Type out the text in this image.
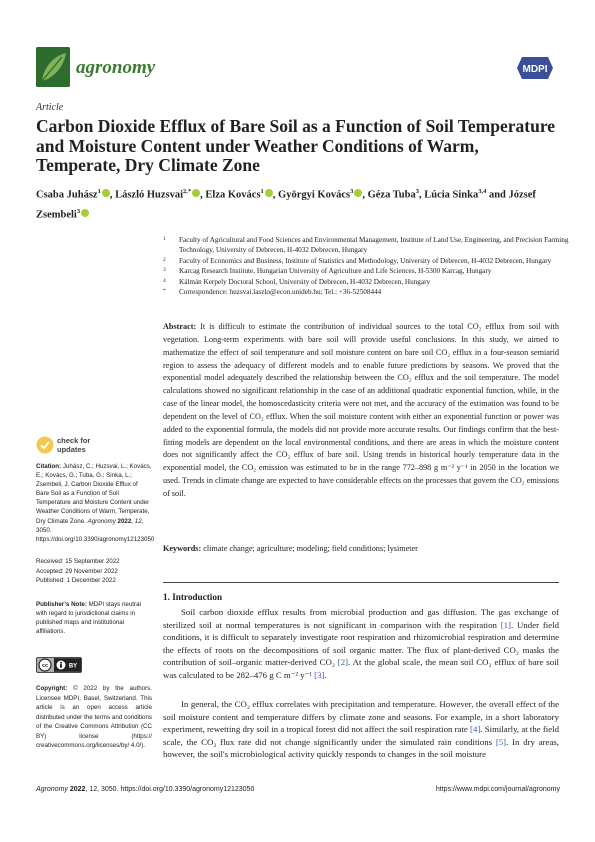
agronomy	MDPI
Article
Carbon Dioxide Efflux of Bare Soil as a Function of Soil Temperature and Moisture Content under Weather Conditions of Warm, Temperate, Dry Climate Zone
Csaba Juhász$^1$ , László Huzsvai$^{2,*}$ , Elza Kovács$^1$ , Györgyi Kovács$^3$ , Géza Tuba$^3$, Lúcia Sinka$^{3,4}$ and József Zsembeli$^3$
1 Faculty of Agricultural and Food Sciences and Environmental Management, Institute of Land Use, Engineering, and Precision Farming Technology, University of Debrecen, H-4032 Debrecen, Hungary
2 Faculty of Economics and Business, Institute of Statistics and Methodology, University of Debrecen, H-4032 Debrecen, Hungary
3 Karcag Research Institute, Hungarian University of Agriculture and Life Sciences, H-5300 Karcag, Hungary
4 Kálmán Kerpely Doctoral School, University of Debrecen, H-4032 Debrecen, Hungary
* Correspondence: huzsvai.laszlo@econ.unideb.hu; Tel.: +36-52508444
Abstract: It is difficult to estimate the contribution of individual sources to the total CO₂ efflux from soil with vegetation. Long-term experiments with bare soil will provide useful conclusions. In this study, we aimed to mathematize the effect of soil temperature and soil moisture content on bare soil CO₂ efflux in a four-season semiarid region to assess the adequacy of different models and to enable future predictions by seasons. We proved that the exponential model adequately described the relationship between the CO₂ efflux and the soil temperature. The model calculations showed no significant relationship in the case of an additional quadratic exponential function, while, in the case of the linear model, the homoscedasticity criteria were not met, and the accuracy of the estimation was found to be dependent on the level of CO₂ efflux. When the soil moisture content with either an exponential function or power was added to the exponential formula, the models did not provide more accurate results. Our findings confirm that the best-fitting models are dependent on the local environmental conditions, and there are areas in which the moisture content does not significantly affect the CO₂ efflux of bare soil. Using trends in historical hourly temperature data in the exponential model, the CO₂ emission was estimated to be in the range 772–898 g m⁻² y⁻¹ in 2050 in the location we used. Trends in climate change are expected to have considerable effects on the processes that govern the CO₂ emissions of soil.
Keywords: climate change; agriculture; modeling; field conditions; lysimeter
1. Introduction
Soil carbon dioxide efflux results from microbial production and gas diffusion. The gas exchange of sterilized soil at normal temperatures is not significant in comparison with the respiration [1]. Under field conditions, it is difficult to separately investigate root respiration and rhizomicrobial respiration and determine the effects of roots on the decompositions of soil organic matter. The flux of plant-derived CO₂ masks the contribution of soil–organic matter-derived CO₂ [2]. At the global scale, the mean soil CO₂ efflux of bare soil was calculated to be 282–476 g C m⁻² y⁻¹ [3].
In general, the CO₂ efflux correlates with precipitation and temperature. However, the overall effect of the soil moisture content and temperature differs by climate zone and seasons. For example, in a short laboratory experiment, rewetting dry soil in a tropical forest did not affect the soil respiration rate [4]. Similarly, at the field scale, the CO₂ flux rate did not change significantly under the simulated rain conditions [5]. In dry areas, however, the soil's microbiological activity quickly responds to changes in the soil moisture
check for
updates
Citation: Juhász, C.; Huzsvai, L.; Kovács, E.; Kovács, G.; Tuba, G.; Sinka, L.; Zsembeli, J. Carbon Dioxide Efflux of Bare Soil as a Function of Soil Temperature and Moisture Content under Weather Conditions of Warm, Temperate, Dry Climate Zone. Agronomy 2022, 12, 3050. https://doi.org/10.3390/agronomy12123050
Received: 15 September 2022
Accepted: 29 November 2022
Published: 1 December 2022
Publisher’s Note: MDPI stays neutral with regard to jurisdictional claims in published maps and institutional affiliations.
cc	BY
Copyright: © 2022 by the authors. Licensee MDPI, Basel, Switzerland. This article is an open access article distributed under the terms and conditions of the Creative Commons Attribution (CC BY) license (https:// creativecommons.org/licenses/by/ 4.0/).
Agronomy 2022, 12, 3050. https://doi.org/10.3390/agronomy12123050	https://www.mdpi.com/journal/agronomy
